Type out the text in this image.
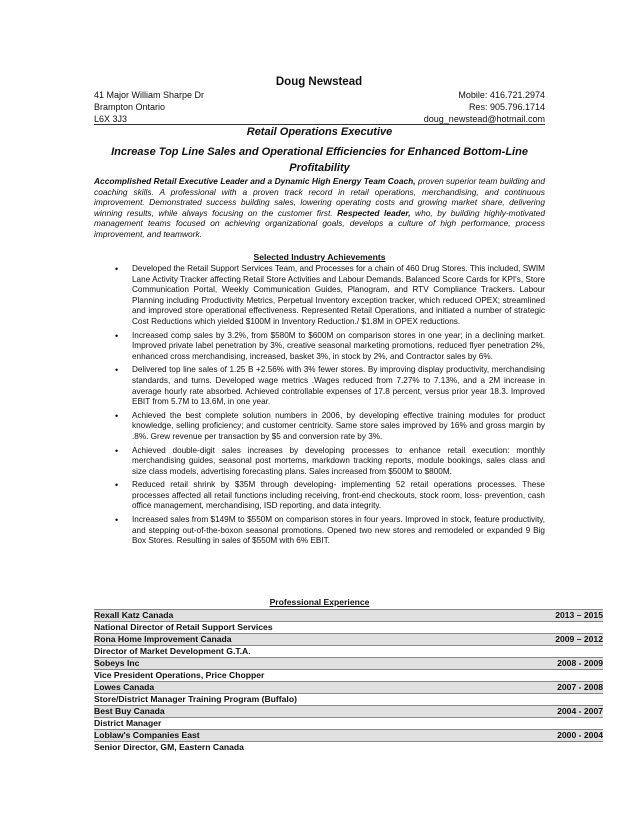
Doug Newstead
41 Major William Sharpe Dr	Mobile: 416.721.2974
Brampton Ontario	Res: 905.796.1714
L6X 3J3	doug_newstead@hotmail.com
Retail Operations Executive
Increase Top Line Sales and Operational Efficiencies for Enhanced Bottom-Line
Profitability
Accomplished Retail Executive Leader and a Dynamic High Energy Team Coach, proven superior team building and coaching skills. A professional with a proven track record in retail operations, merchandising, and continuous improvement. Demonstrated success building sales, lowering operating costs and growing market share, delivering winning results, while always focusing on the customer first. Respected leader, who, by building highly-motivated management teams focused on achieving organizational goals, develops a culture of high performance, process improvement, and teamwork.
Selected Industry Achievements
• Developed the Retail Support Services Team, and Processes for a chain of 460 Drug Stores. This included, SWIM Lane Activity Tracker affecting Retail Store Activities and Labour Demands. Balanced Score Cards for KPI's, Store Communication Portal, Weekly Communication Guides, Planogram, and RTV Compliance Trackers. Labour Planning including Productivity Metrics, Perpetual Inventory exception tracker, which reduced OPEX; streamlined and improved store operational effectiveness. Represented Retail Operations, and initiated a number of strategic Cost Reductions which yielded $100M in Inventory Reduction./ $1.8M in OPEX reductions.
• Increased comp sales by 3.2%, from $580M to $600M on comparison stores in one year; in a declining market. Improved private label penetration by 3%, creative seasonal marketing promotions, reduced flyer penetration 2%, enhanced cross merchandising, increased, basket 3%, in stock by 2%, and Contractor sales by 6%.
• Delivered top line sales of 1.25 B +2.56% with 3% fewer stores. By improving display productivity, merchandising standards, and turns. Developed wage metrics .Wages reduced from 7.27% to 7.13%, and a 2M increase in average hourly rate absorbed. Achieved controllable expenses of 17.8 percent, versus prior year 18.3. Improved EBIT from 5.7M to 13.6M, in one year.
• Achieved the best complete solution numbers in 2006, by developing effective training modules for product knowledge, selling proficiency; and customer centricity. Same store sales improved by 16% and gross margin by .8%. Grew revenue per transaction by $5 and conversion rate by 3%.
• Achieved double-digit sales increases by developing processes to enhance retail execution: monthly merchandising guides, seasonal post mortems, markdown tracking reports, module bookings, sales class and size class models, advertising forecasting plans. Sales increased from $500M to $800M.
• Reduced retail shrink by $35M through developing- implementing 52 retail operations processes. These processes affected all retail functions including receiving, front-end checkouts, stock room, loss- prevention, cash office management, merchandising, ISD reporting, and data integrity.
• Increased sales from $149M to $550M on comparison stores in four years. Improved in stock, feature productivity, and stepping out-of-the-boxon seasonal promotions. Opened two new stores and remodeled or expanded 9 Big Box Stores. Resulting in sales of $550M with 6% EBIT.
Professional Experience
Rexall Katz Canada	2013 – 2015
National Director of Retail Support Services
Rona Home Improvement Canada	2009 – 2012
Director of Market Development G.T.A.
Sobeys Inc	2008 - 2009
Vice President Operations, Price Chopper
Lowes Canada	2007 - 2008
Store/District Manager Training Program (Buffalo)
Best Buy Canada	2004 - 2007
District Manager
Loblaw's Companies East	2000 - 2004
Senior Director, GM, Eastern Canada
